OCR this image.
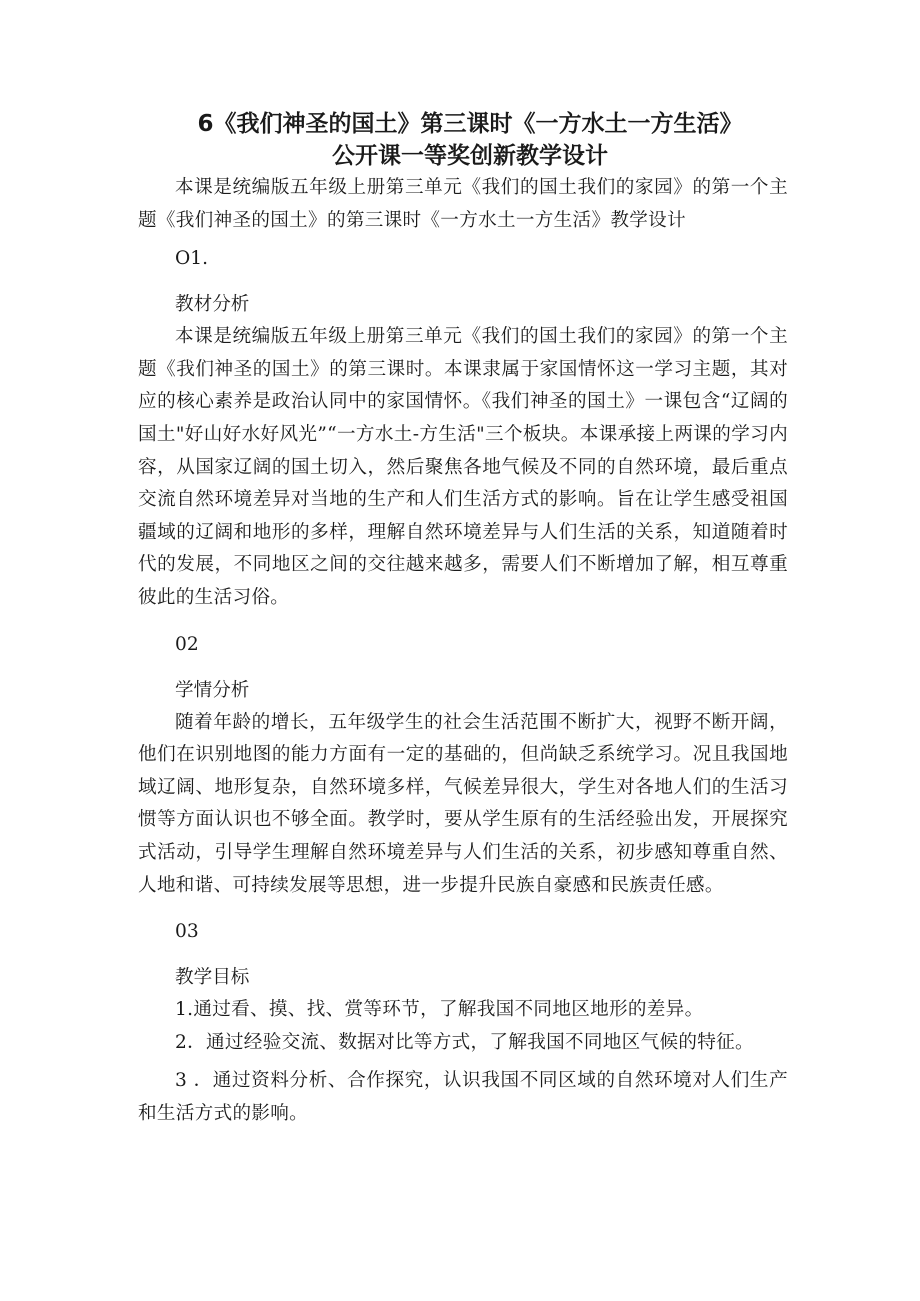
6《我们神圣的国土》第三课时《一方水土一方生活》
公开课一等奖创新教学设计

本课是统编版五年级上册第三单元《我们的国土我们的家园》的第一个主题《我们神圣的国土》的第三课时《一方水土一方生活》教学设计

O1.

教材分析

本课是统编版五年级上册第三单元《我们的国土我们的家园》的第一个主题《我们神圣的国土》的第三课时。本课隶属于家国情怀这一学习主题，其对应的核心素养是政治认同中的家国情怀。《我们神圣的国土》一课包含“辽阔的国土"好山好水好风光”“一方水土-方生活"三个板块。本课承接上两课的学习内容，从国家辽阔的国土切入，然后聚焦各地气候及不同的自然环境，最后重点交流自然环境差异对当地的生产和人们生活方式的影响。旨在让学生感受祖国疆域的辽阔和地形的多样，理解自然环境差异与人们生活的关系，知道随着时代的发展，不同地区之间的交往越来越多，需要人们不断增加了解，相互尊重彼此的生活习俗。

02

学情分析

随着年龄的增长，五年级学生的社会生活范围不断扩大，视野不断开阔，他们在识别地图的能力方面有一定的基础的，但尚缺乏系统学习。况且我国地域辽阔、地形复杂，自然环境多样，气候差异很大，学生对各地人们的生活习惯等方面认识也不够全面。教学时，要从学生原有的生活经验出发，开展探究式活动，引导学生理解自然环境差异与人们生活的关系，初步感知尊重自然、人地和谐、可持续发展等思想，进一步提升民族自豪感和民族责任感。

03

教学目标

1.通过看、摸、找、赏等环节，了解我国不同地区地形的差异。

2．通过经验交流、数据对比等方式，了解我国不同地区气候的特征。

3 ．通过资料分析、合作探究，认识我国不同区域的自然环境对人们生产和生活方式的影响。
